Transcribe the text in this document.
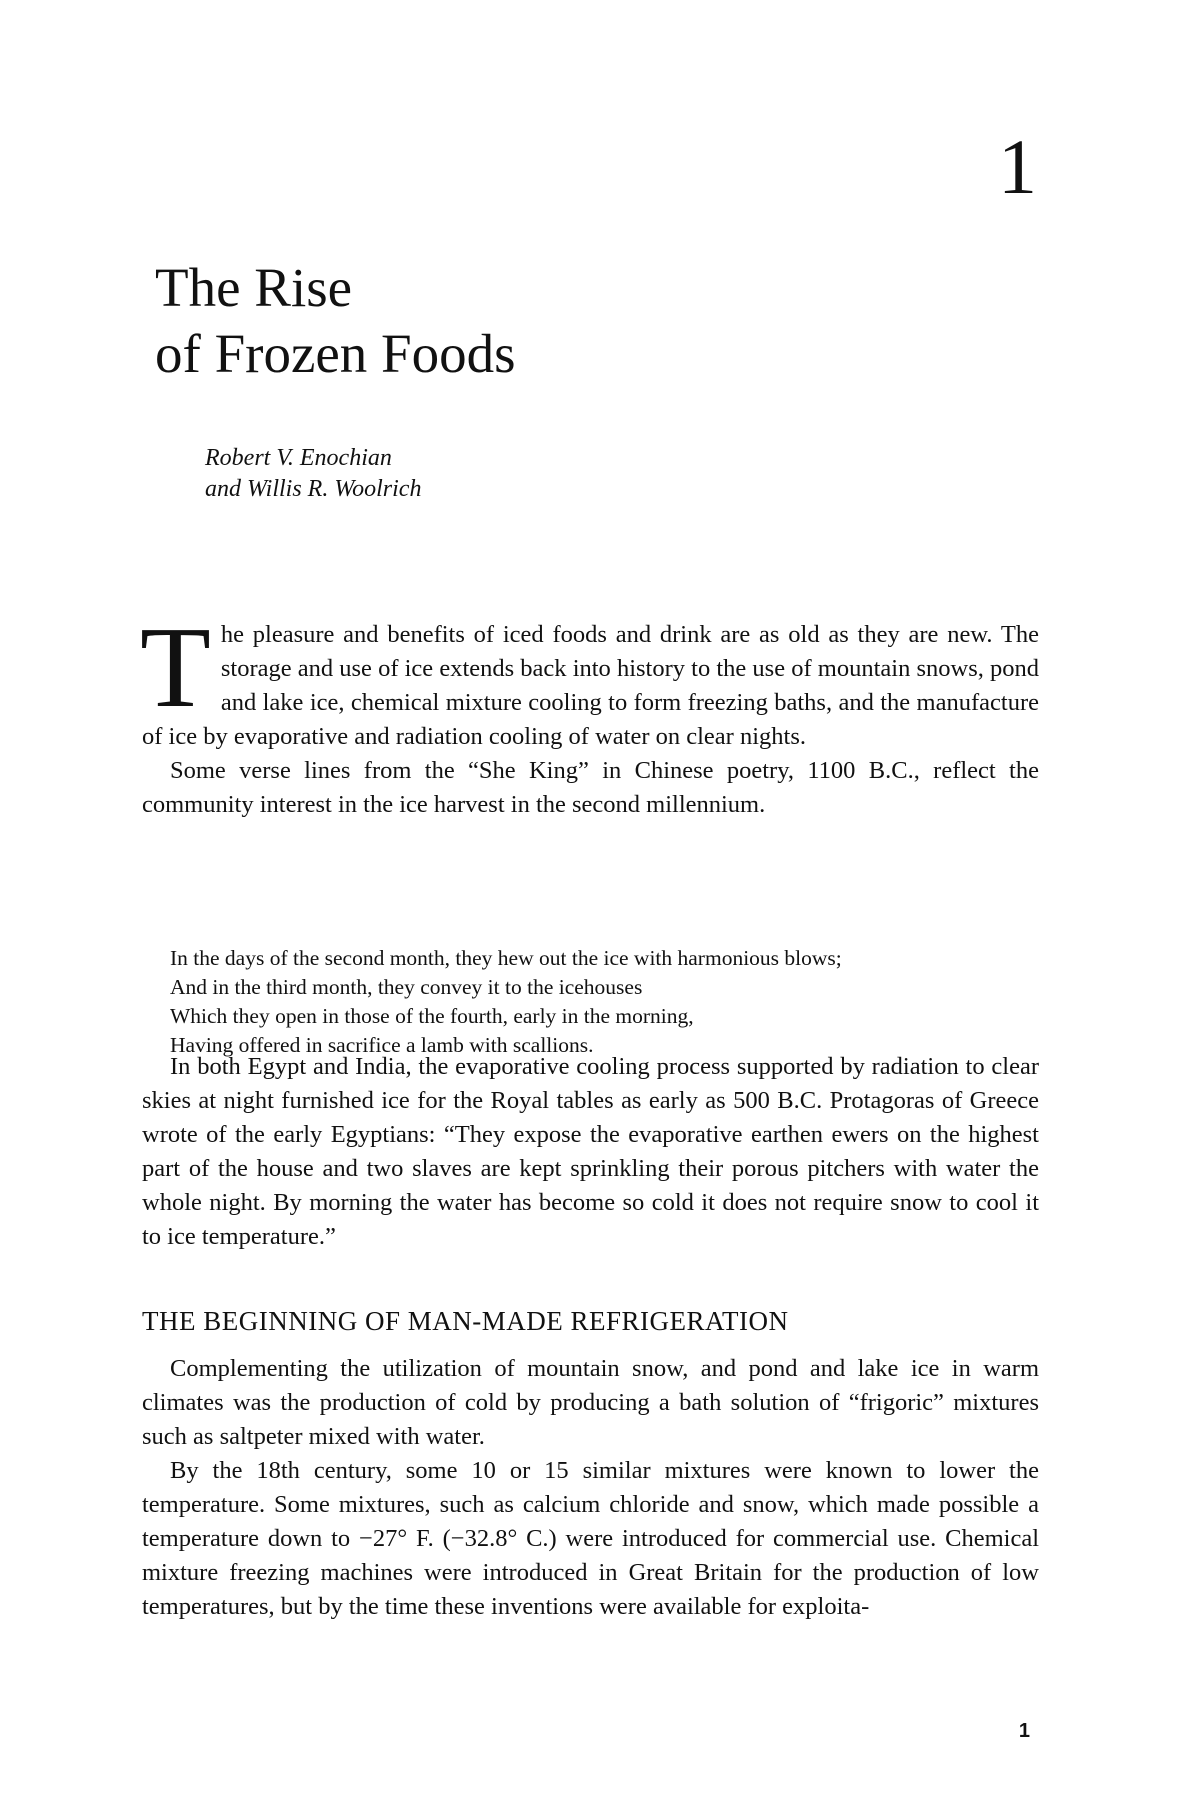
1
The Rise
of Frozen Foods
Robert V. Enochian
and Willis R. Woolrich

The pleasure and benefits of iced foods and drink are as old as they are new. The storage and use of ice extends back into history to the use of mountain snows, pond and lake ice, chemical mixture cooling to form freezing baths, and the manufacture of ice by evaporative and radiation cooling of water on clear nights.

Some verse lines from the “She King” in Chinese poetry, 1100 B.C., reflect the community interest in the ice harvest in the second millennium.

In the days of the second month, they hew out the ice with harmonious blows;
And in the third month, they convey it to the icehouses
Which they open in those of the fourth, early in the morning,
Having offered in sacrifice a lamb with scallions.

In both Egypt and India, the evaporative cooling process supported by radiation to clear skies at night furnished ice for the Royal tables as early as 500 B.C. Protagoras of Greece wrote of the early Egyptians: “They expose the evaporative earthen ewers on the highest part of the house and two slaves are kept sprinkling their porous pitchers with water the whole night. By morning the water has become so cold it does not require snow to cool it to ice temperature.”

THE BEGINNING OF MAN-MADE REFRIGERATION

Complementing the utilization of mountain snow, and pond and lake ice in warm climates was the production of cold by producing a bath solution of “frigoric” mixtures such as saltpeter mixed with water.

By the 18th century, some 10 or 15 similar mixtures were known to lower the temperature. Some mixtures, such as calcium chloride and snow, which made possible a temperature down to −27° F. (−32.8° C.) were introduced for commercial use. Chemical mixture freezing machines were introduced in Great Britain for the production of low temperatures, but by the time these inventions were available for exploita-

1
